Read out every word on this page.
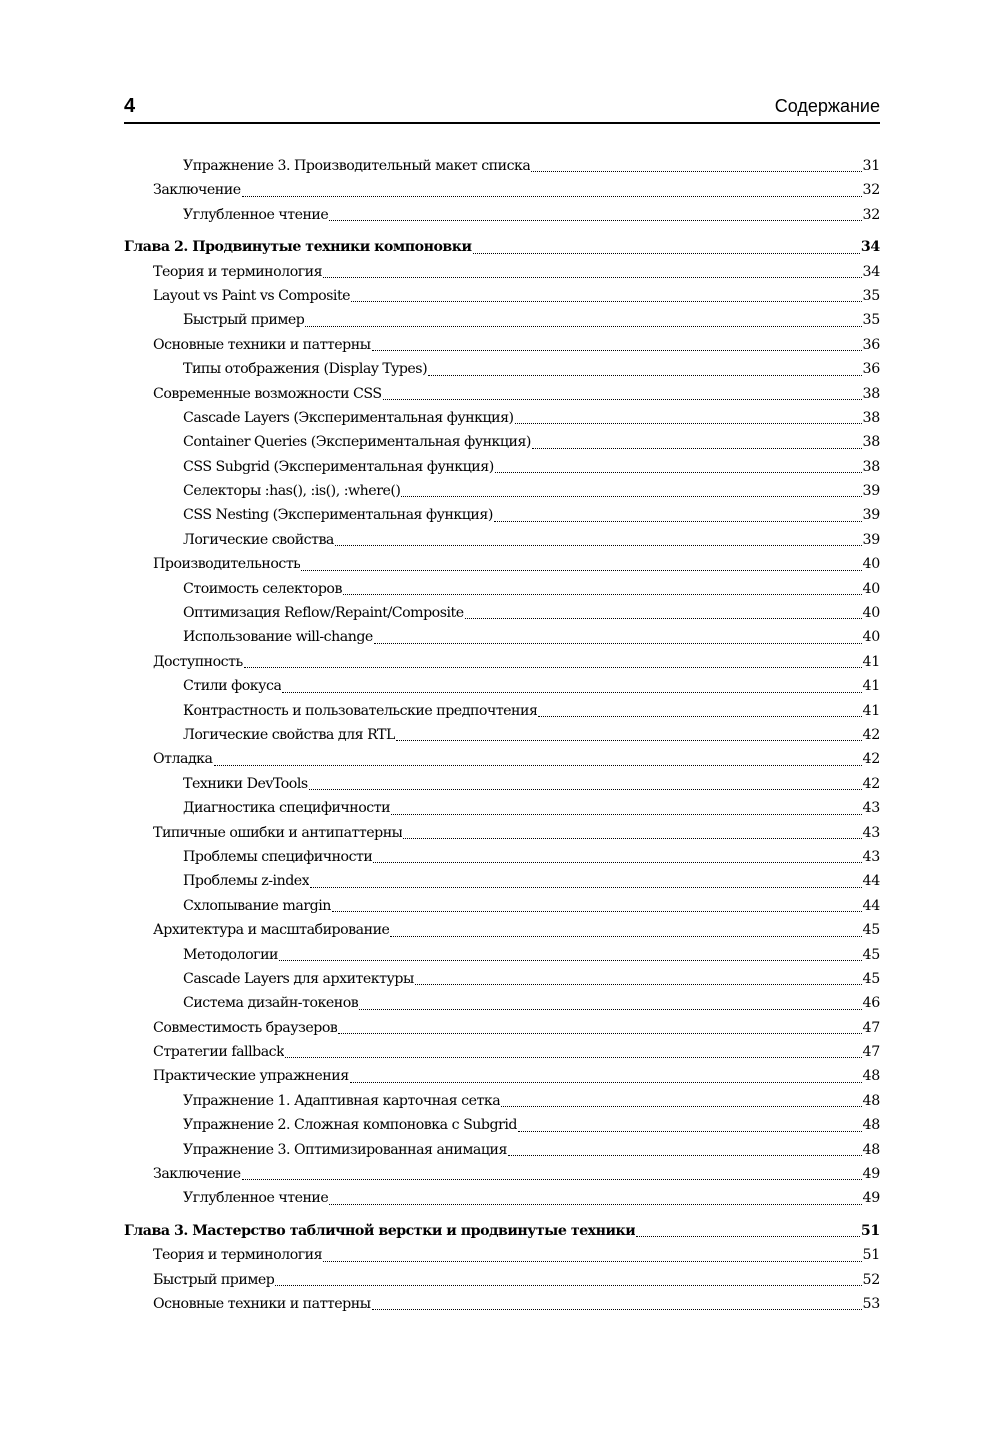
4	Содержание
Упражнение 3. Производительный макет списка	31
Заключение	32
Углубленное чтение	32
Глава 2. Продвинутые техники компоновки	34
Теория и терминология	34
Layout vs Paint vs Composite	35
Быстрый пример	35
Основные техники и паттерны	36
Типы отображения (Display Types)	36
Современные возможности CSS	38
Cascade Layers (Экспериментальная функция)	38
Container Queries (Экспериментальная функция)	38
CSS Subgrid (Экспериментальная функция)	38
Селекторы :has(), :is(), :where()	39
CSS Nesting (Экспериментальная функция)	39
Логические свойства	39
Производительность	40
Стоимость селекторов	40
Оптимизация Reflow/Repaint/Composite	40
Использование will-change	40
Доступность	41
Стили фокуса	41
Контрастность и пользовательские предпочтения	41
Логические свойства для RTL	42
Отладка	42
Техники DevTools	42
Диагностика специфичности	43
Типичные ошибки и антипаттерны	43
Проблемы специфичности	43
Проблемы z-index	44
Схлопывание margin	44
Архитектура и масштабирование	45
Методологии	45
Cascade Layers для архитектуры	45
Система дизайн-токенов	46
Совместимость браузеров	47
Стратегии fallback	47
Практические упражнения	48
Упражнение 1. Адаптивная карточная сетка	48
Упражнение 2. Сложная компоновка с Subgrid	48
Упражнение 3. Оптимизированная анимация	48
Заключение	49
Углубленное чтение	49
Глава 3. Мастерство табличной верстки и продвинутые техники	51
Теория и терминология	51
Быстрый пример	52
Основные техники и паттерны	53
